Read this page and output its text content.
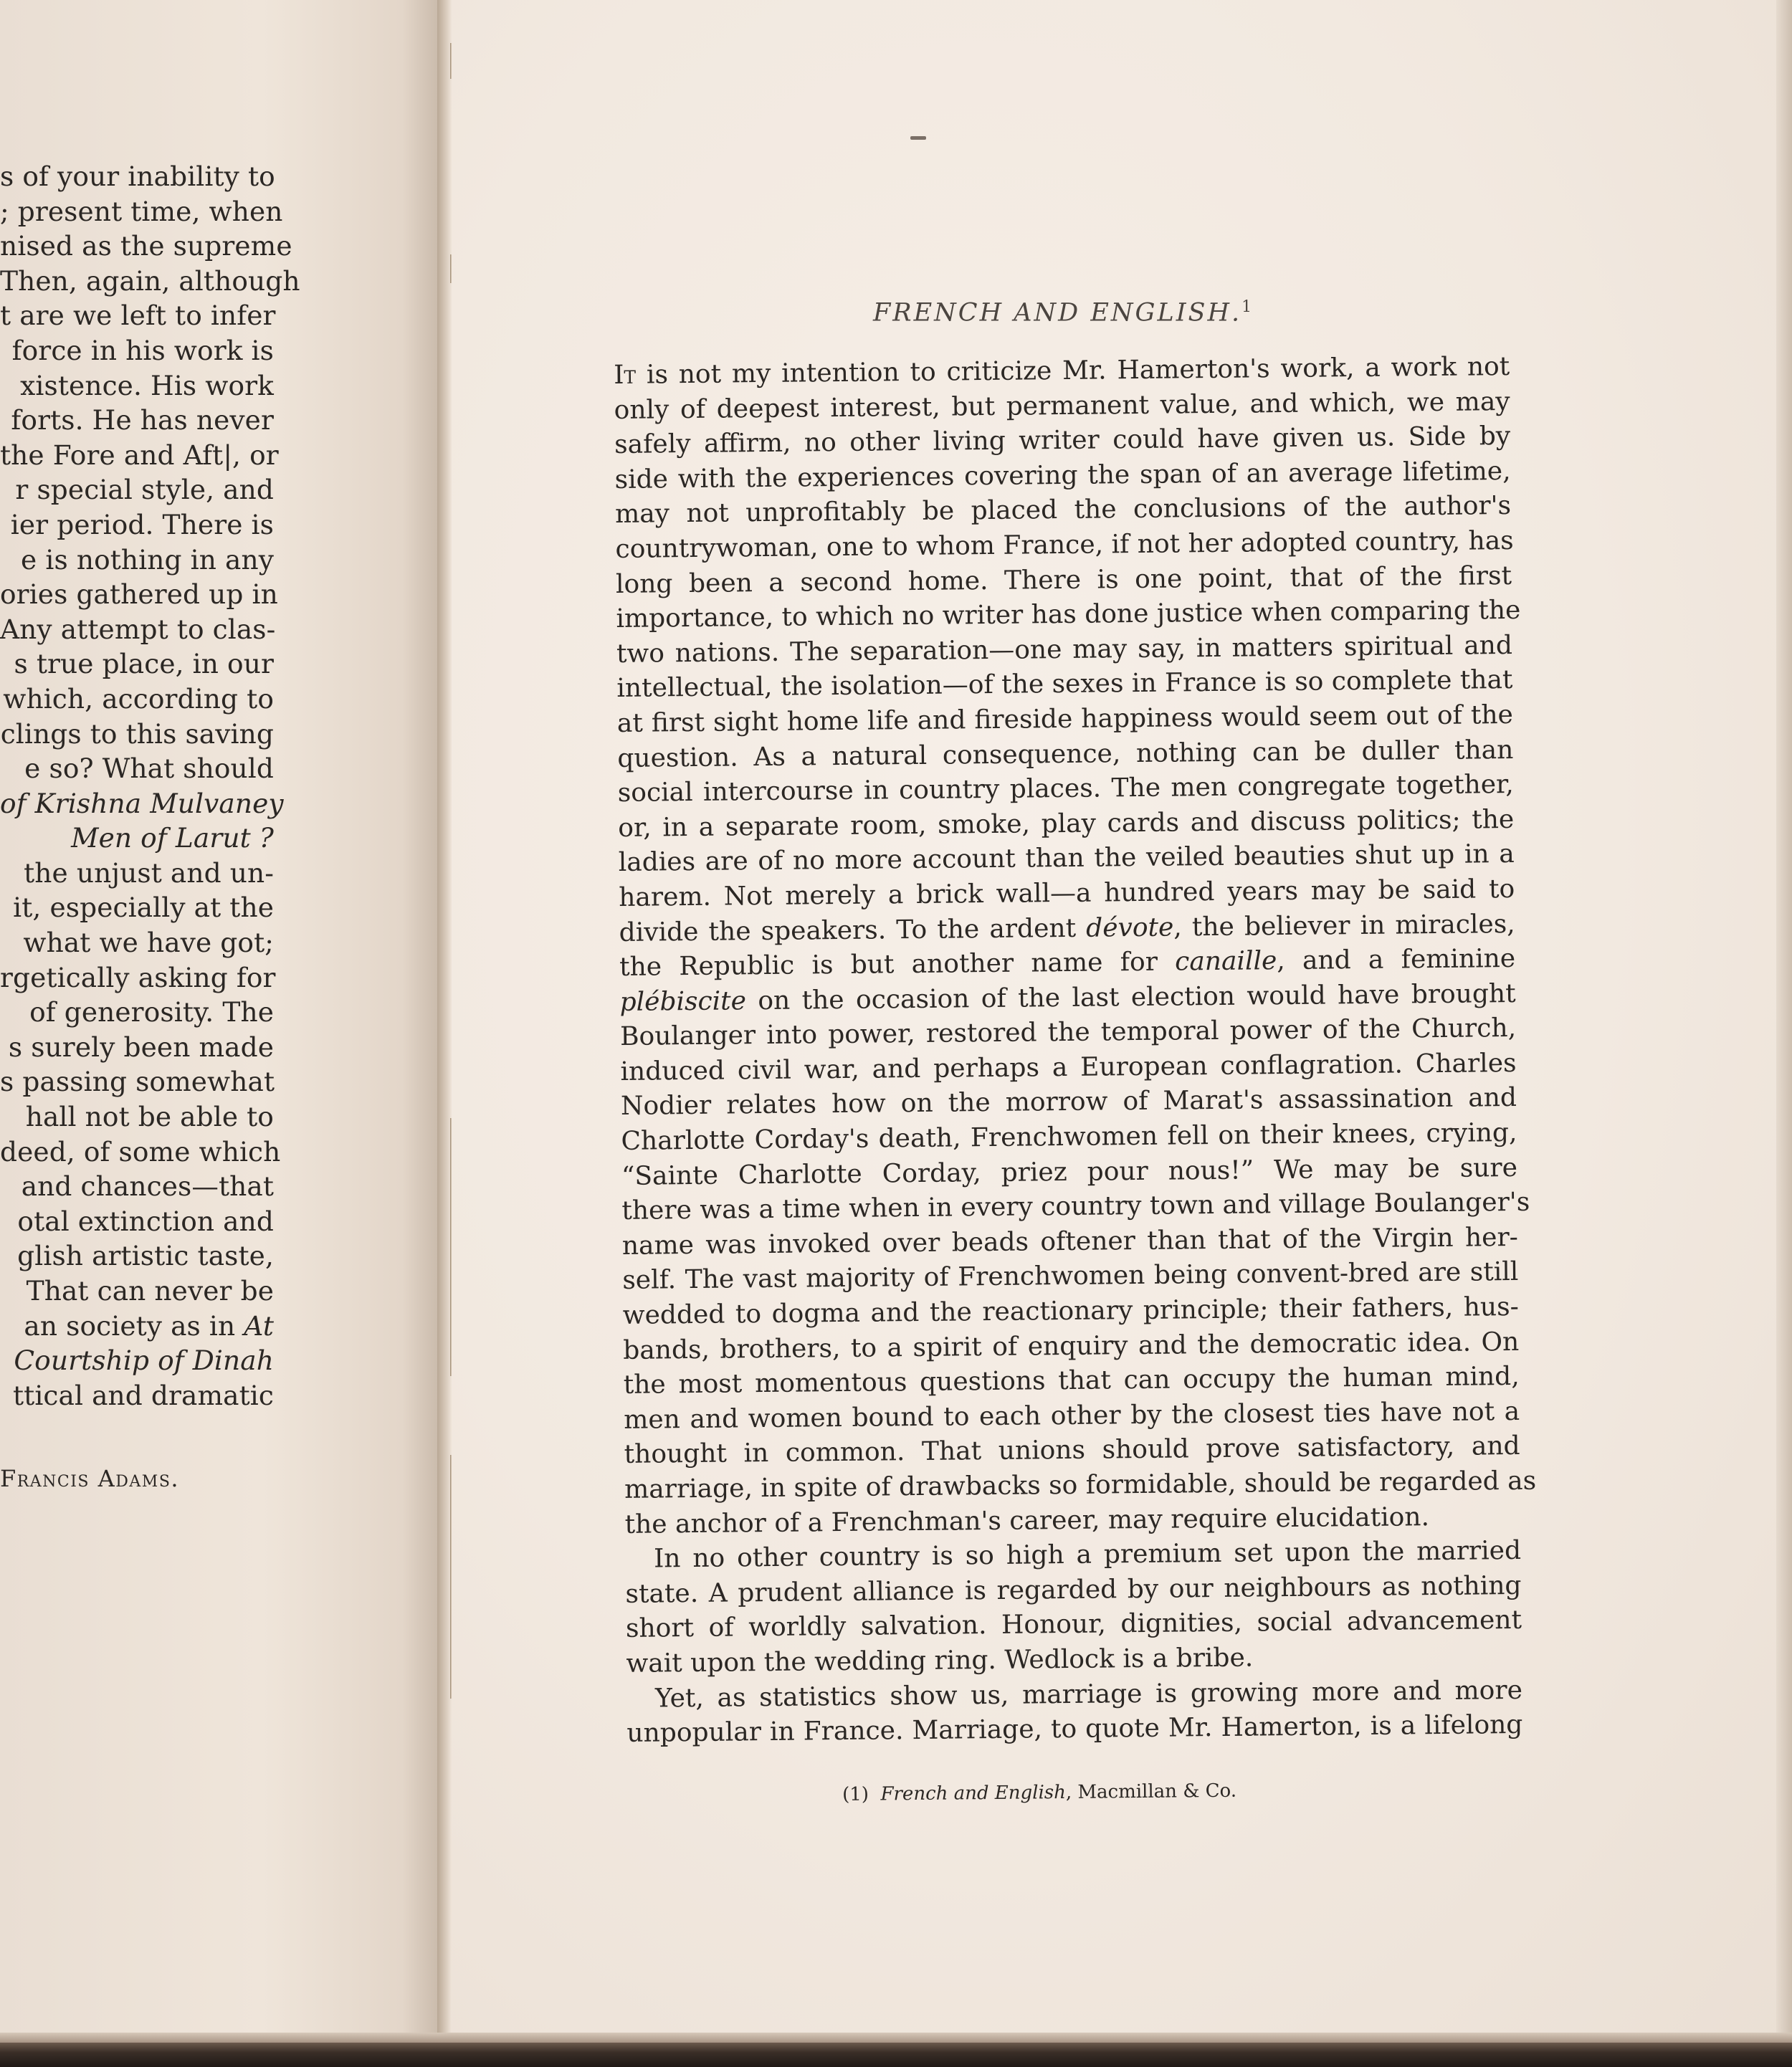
s of your inability to
; present time, when
nised as the supreme
Then, again, although
t are we left to infer
force in his work is
xistence. His work
forts. He has never
the Fore and Aft|, or
r special style, and
ier period. There is
e is nothing in any
ories gathered up in
Any attempt to clas-
s true place, in our
which, according to
clings to this saving
e so? What should
of Krishna Mulvaney
Men of Larut ?
the unjust and un-
it, especially at the
what we have got;
rgetically asking for
of generosity. The
s surely been made
s passing somewhat
hall not be able to
deed, of some which
and chances—that
otal extinction and
glish artistic taste,
That can never be
an society as in At
Courtship of Dinah
ttical and dramatic
Francis Adams.
FRENCH AND ENGLISH.$^1$
It is not my intention to criticize Mr. Hamerton's work, a work not
only of deepest interest, but permanent value, and which, we may
safely affirm, no other living writer could have given us. Side by
side with the experiences covering the span of an average lifetime,
may not unprofitably be placed the conclusions of the author's
countrywoman, one to whom France, if not her adopted country, has
long been a second home. There is one point, that of the first
importance, to which no writer has done justice when comparing the
two nations. The separation—one may say, in matters spiritual and
intellectual, the isolation—of the sexes in France is so complete that
at first sight home life and fireside happiness would seem out of the
question. As a natural consequence, nothing can be duller than
social intercourse in country places. The men congregate together,
or, in a separate room, smoke, play cards and discuss politics; the
ladies are of no more account than the veiled beauties shut up in a
harem. Not merely a brick wall—a hundred years may be said to
divide the speakers. To the ardent dévote, the believer in miracles,
the Republic is but another name for canaille, and a feminine
plébiscite on the occasion of the last election would have brought
Boulanger into power, restored the temporal power of the Church,
induced civil war, and perhaps a European conflagration. Charles
Nodier relates how on the morrow of Marat's assassination and
Charlotte Corday's death, Frenchwomen fell on their knees, crying,
“Sainte Charlotte Corday, priez pour nous!” We may be sure
there was a time when in every country town and village Boulanger's
name was invoked over beads oftener than that of the Virgin her-
self. The vast majority of Frenchwomen being convent-bred are still
wedded to dogma and the reactionary principle; their fathers, hus-
bands, brothers, to a spirit of enquiry and the democratic idea. On
the most momentous questions that can occupy the human mind,
men and women bound to each other by the closest ties have not a
thought in common. That unions should prove satisfactory, and
marriage, in spite of drawbacks so formidable, should be regarded as
the anchor of a Frenchman's career, may require elucidation.
In no other country is so high a premium set upon the married
state. A prudent alliance is regarded by our neighbours as nothing
short of worldly salvation. Honour, dignities, social advancement
wait upon the wedding ring. Wedlock is a bribe.
Yet, as statistics show us, marriage is growing more and more
unpopular in France. Marriage, to quote Mr. Hamerton, is a lifelong
(1) French and English, Macmillan & Co.
